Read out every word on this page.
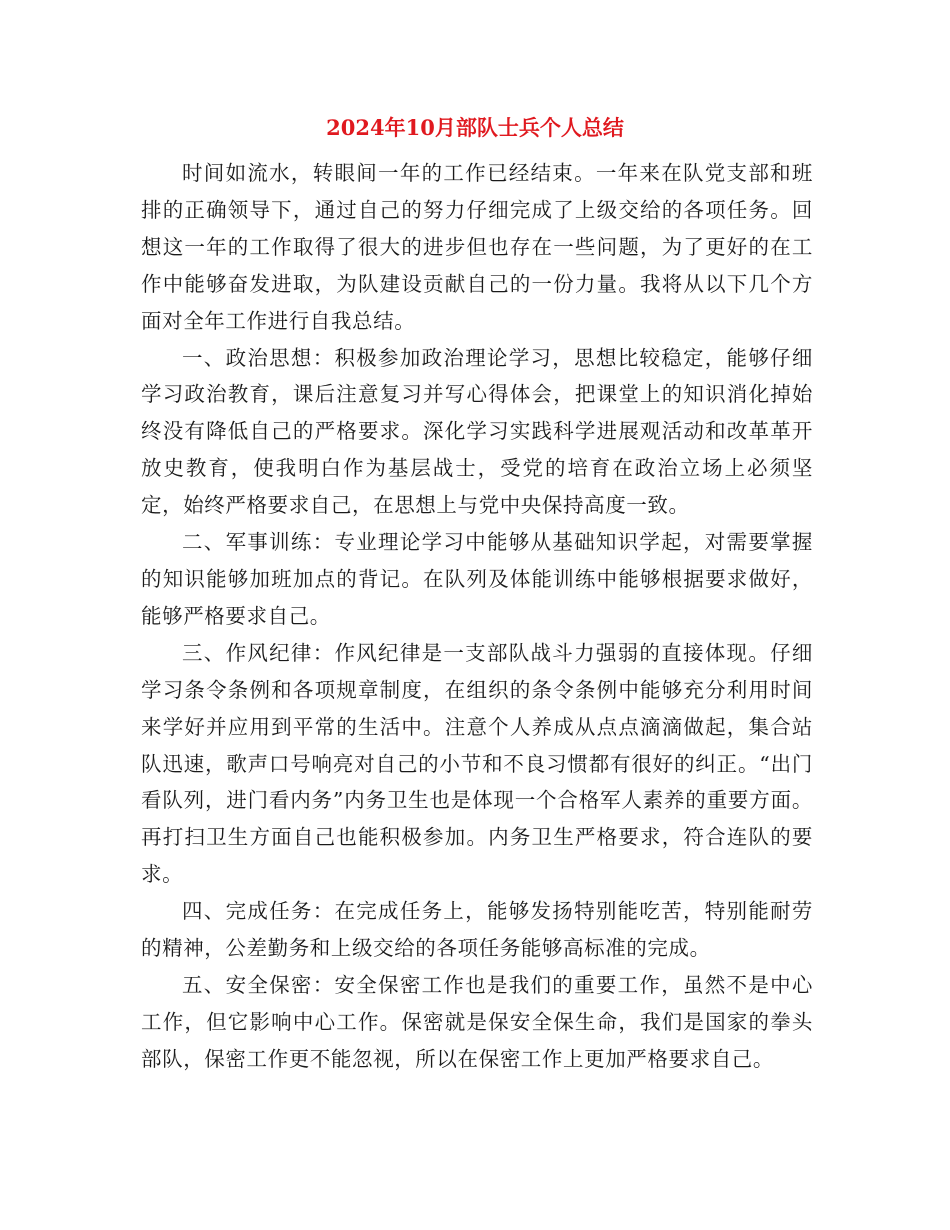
2024年10月部队士兵个人总结

时间如流水，转眼间一年的工作已经结束。一年来在队党支部和班排的正确领导下，通过自己的努力仔细完成了上级交给的各项任务。回想这一年的工作取得了很大的进步但也存在一些问题，为了更好的在工作中能够奋发进取，为队建设贡献自己的一份力量。我将从以下几个方面对全年工作进行自我总结。

一、政治思想：积极参加政治理论学习，思想比较稳定，能够仔细学习政治教育，课后注意复习并写心得体会，把课堂上的知识消化掉始终没有降低自己的严格要求。深化学习实践科学进展观活动和改革革开放史教育，使我明白作为基层战士，受党的培育在政治立场上必须坚定，始终严格要求自己，在思想上与党中央保持高度一致。

二、军事训练：专业理论学习中能够从基础知识学起，对需要掌握的知识能够加班加点的背记。在队列及体能训练中能够根据要求做好，能够严格要求自己。

三、作风纪律：作风纪律是一支部队战斗力强弱的直接体现。仔细学习条令条例和各项规章制度，在组织的条令条例中能够充分利用时间来学好并应用到平常的生活中。注意个人养成从点点滴滴做起，集合站队迅速，歌声口号响亮对自己的小节和不良习惯都有很好的纠正。“出门看队列，进门看内务”内务卫生也是体现一个合格军人素养的重要方面。再打扫卫生方面自己也能积极参加。内务卫生严格要求，符合连队的要求。

四、完成任务：在完成任务上，能够发扬特别能吃苦，特别能耐劳的精神，公差勤务和上级交给的各项任务能够高标准的完成。

五、安全保密：安全保密工作也是我们的重要工作，虽然不是中心工作，但它影响中心工作。保密就是保安全保生命，我们是国家的拳头部队，保密工作更不能忽视，所以在保密工作上更加严格要求自己。
